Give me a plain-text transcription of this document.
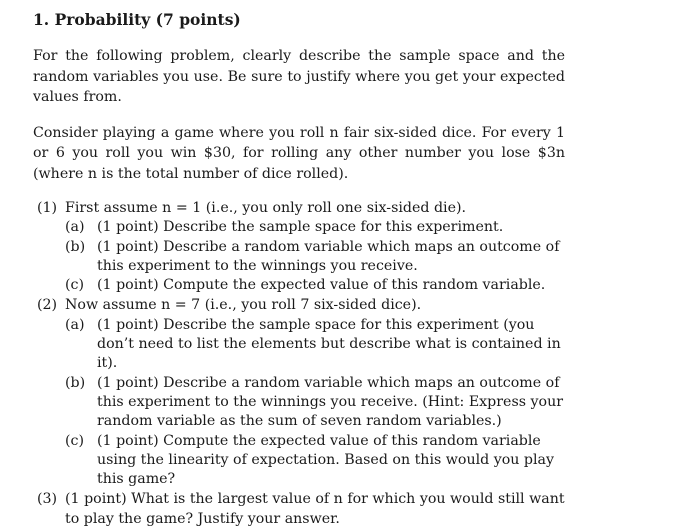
1. Probability (7 points)
For the following problem, clearly describe the sample space and the random variables you use. Be sure to justify where you get your expected values from.
Consider playing a game where you roll n fair six-sided dice. For every 1 or 6 you roll you win $30, for rolling any other number you lose $3n (where n is the total number of dice rolled).
(1) First assume n = 1 (i.e., you only roll one six-sided die).
(a) (1 point) Describe the sample space for this experiment.
(b) (1 point) Describe a random variable which maps an outcome of this experiment to the winnings you receive.
(c) (1 point) Compute the expected value of this random variable.
(2) Now assume n = 7 (i.e., you roll 7 six-sided dice).
(a) (1 point) Describe the sample space for this experiment (you don’t need to list the elements but describe what is contained in it).
(b) (1 point) Describe a random variable which maps an outcome of this experiment to the winnings you receive. (Hint: Express your random variable as the sum of seven random variables.)
(c) (1 point) Compute the expected value of this random variable using the linearity of expectation. Based on this would you play this game?
(3) (1 point) What is the largest value of n for which you would still want to play the game? Justify your answer.
